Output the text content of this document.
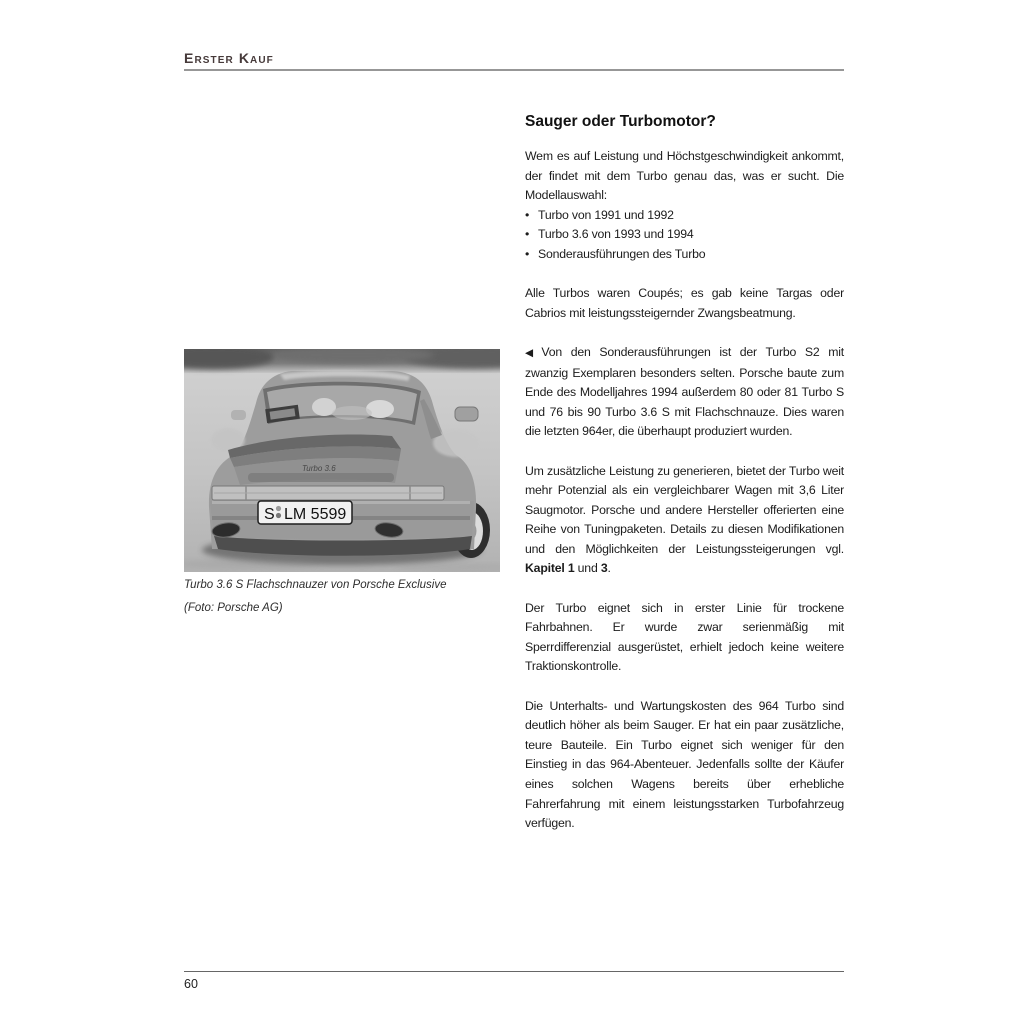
Erster Kauf
Turbo 3.6
S LM 5599
Turbo 3.6 S Flachschnauzer von Porsche Exclusive
(Foto: Porsche AG)
Sauger oder Turbomotor?

Wem es auf Leistung und Höchstgeschwindigkeit ankommt, der findet mit dem Turbo genau das, was er sucht. Die Modellauswahl:

• Turbo von 1991 und 1992
• Turbo 3.6 von 1993 und 1994
• Sonderausführungen des Turbo

Alle Turbos waren Coupés; es gab keine Targas oder Cabrios mit leistungssteigernder Zwangsbeatmung.

◀ Von den Sonderausführungen ist der Turbo S2 mit zwanzig Exemplaren besonders selten. Porsche baute zum Ende des Modelljahres 1994 außerdem 80 oder 81 Turbo S und 76 bis 90 Turbo 3.6 S mit Flachschnauze. Dies waren die letzten 964er, die überhaupt produziert wurden.

Um zusätzliche Leistung zu generieren, bietet der Turbo weit mehr Potenzial als ein vergleichbarer Wagen mit 3,6 Liter Saugmotor. Porsche und andere Hersteller offerierten eine Reihe von Tuningpaketen. Details zu diesen Modifikationen und den Möglichkeiten der Leistungssteigerungen vgl. Kapitel 1 und 3.

Der Turbo eignet sich in erster Linie für trockene Fahrbahnen. Er wurde zwar serienmäßig mit Sperrdifferenzial ausgerüstet, erhielt jedoch keine weitere Traktionskontrolle.

Die Unterhalts- und Wartungskosten des 964 Turbo sind deutlich höher als beim Sauger. Er hat ein paar zusätzliche, teure Bauteile. Ein Turbo eignet sich weniger für den Einstieg in das 964-Abenteuer. Jedenfalls sollte der Käufer eines solchen Wagens bereits über erhebliche Fahrerfahrung mit einem leistungsstarken Turbofahrzeug verfügen.

60
